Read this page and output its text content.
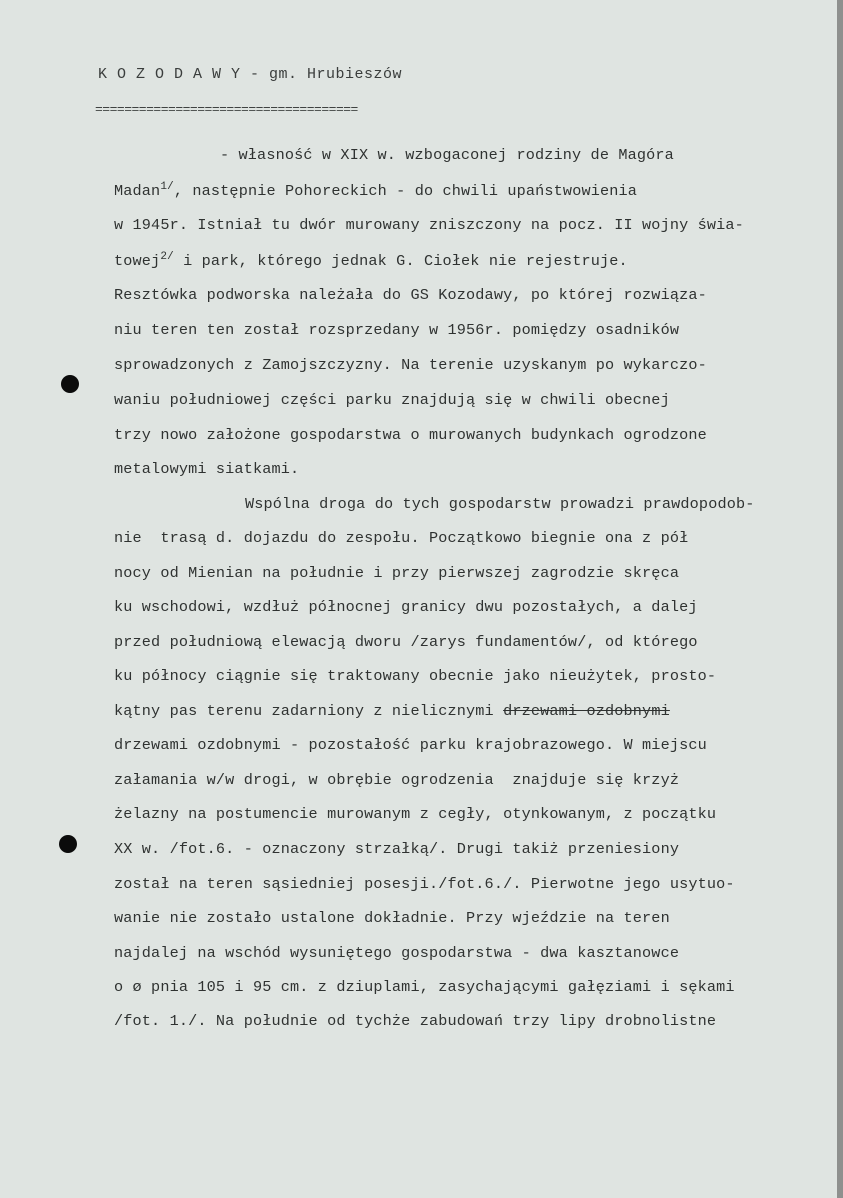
K O Z O D A W Y - gm. Hrubieszów
====================================
- własność w XIX w. wzbogaconej rodziny de Magóra
Madan$^{1/}$, następnie Pohoreckich - do chwili upaństwowienia
w 1945r. Istniał tu dwór murowany zniszczony na pocz. II wojny świa-
towej$^{2/}$ i park, którego jednak G. Ciołek nie rejestruje.
Resztówka podworska należała do GS Kozodawy, po której rozwiąza-
niu teren ten został rozsprzedany w 1956r. pomiędzy osadników
sprowadzonych z Zamojszczyzny. Na terenie uzyskanym po wykarczo-
waniu południowej części parku znajdują się w chwili obecnej
trzy nowo założone gospodarstwa o murowanych budynkach ogrodzone
metalowymi siatkami.
Wspólna droga do tych gospodarstw prowadzi prawdopodob-
nie  trasą d. dojazdu do zespołu. Początkowo biegnie ona z pół
nocy od Mienian na południe i przy pierwszej zagrodzie skręca
ku wschodowi, wzdłuż północnej granicy dwu pozostałych, a dalej
przed południową elewacją dworu /zarys fundamentów/, od którego
ku północy ciągnie się traktowany obecnie jako nieużytek, prosto-
kątny pas terenu zadarniony z nielicznymi drzewami ozdobnymi
drzewami ozdobnymi - pozostałość parku krajobrazowego. W miejscu
załamania w/w drogi, w obrębie ogrodzenia  znajduje się krzyż
żelazny na postumencie murowanym z cegły, otynkowanym, z początku
XX w. /fot.6. - oznaczony strzałką/. Drugi takiż przeniesiony
został na teren sąsiedniej posesji./fot.6./. Pierwotne jego usytuo-
wanie nie zostało ustalone dokładnie. Przy wjeździe na teren
najdalej na wschód wysuniętego gospodarstwa - dwa kasztanowce
o ø pnia 105 i 95 cm. z dziuplami, zasychającymi gałęziami i sękami
/fot. 1./. Na południe od tychże zabudowań trzy lipy drobnolistne
